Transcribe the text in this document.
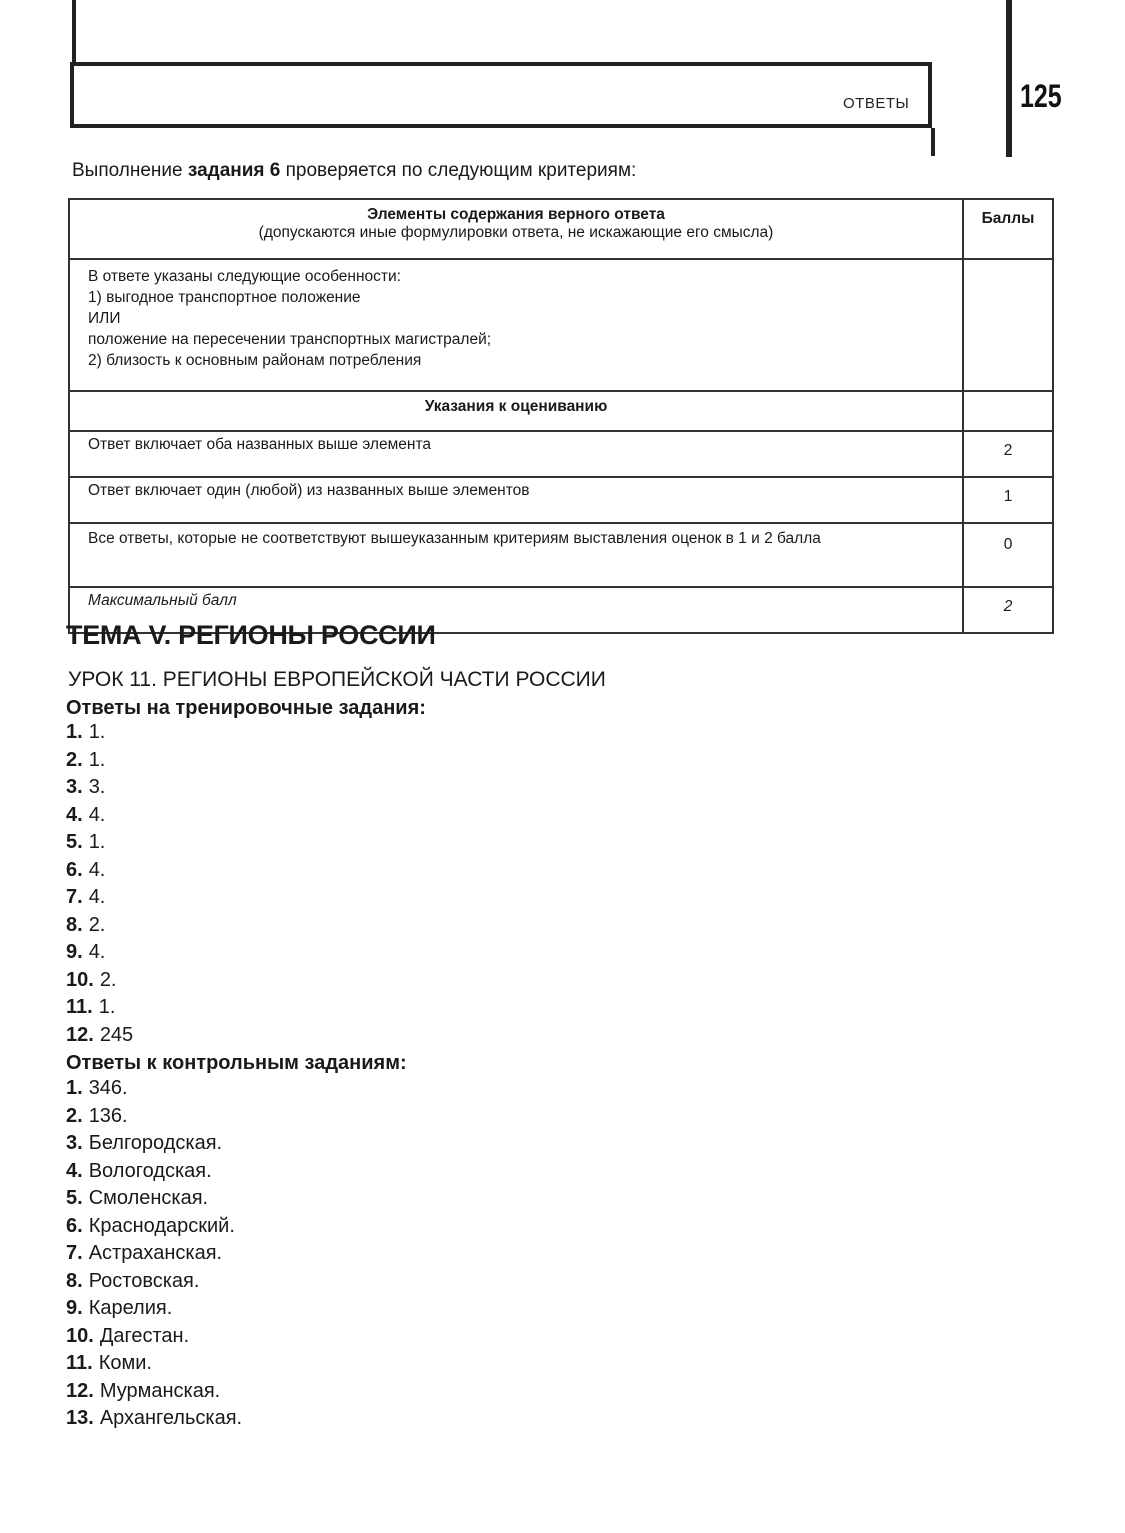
ОТВЕТЫ	125
Выполнение задания 6 проверяется по следующим критериям:
Элементы содержания верного ответа
(допускаются иные формулировки ответа, не искажающие его смысла)	Баллы

В ответе указаны следующие особенности:
1) выгодное транспортное положение
ИЛИ
положение на пересечении транспортных магистралей;
2) близость к основным районам потребления	

Указания к оцениванию	
Ответ включает оба названных выше элемента	2
Ответ включает один (любой) из названных выше элементов	1
Все ответы, которые не соответствуют вышеуказанным критериям выставления оценок в 1 и 2 балла	0
Максимальный балл	2
ТЕМА V. РЕГИОНЫ РОССИИ
УРОК 11. РЕГИОНЫ ЕВРОПЕЙСКОЙ ЧАСТИ РОССИИ
Ответы на тренировочные задания:
1. 1.
2. 1.
3. 3.
4. 4.
5. 1.
6. 4.
7. 4.
8. 2.
9. 4.
10. 2.
11. 1.
12. 245
Ответы к контрольным заданиям:
1. 346.
2. 136.
3. Белгородская.
4. Вологодская.
5. Смоленская.
6. Краснодарский.
7. Астраханская.
8. Ростовская.
9. Карелия.
10. Дагестан.
11. Коми.
12. Мурманская.
13. Архангельская.
